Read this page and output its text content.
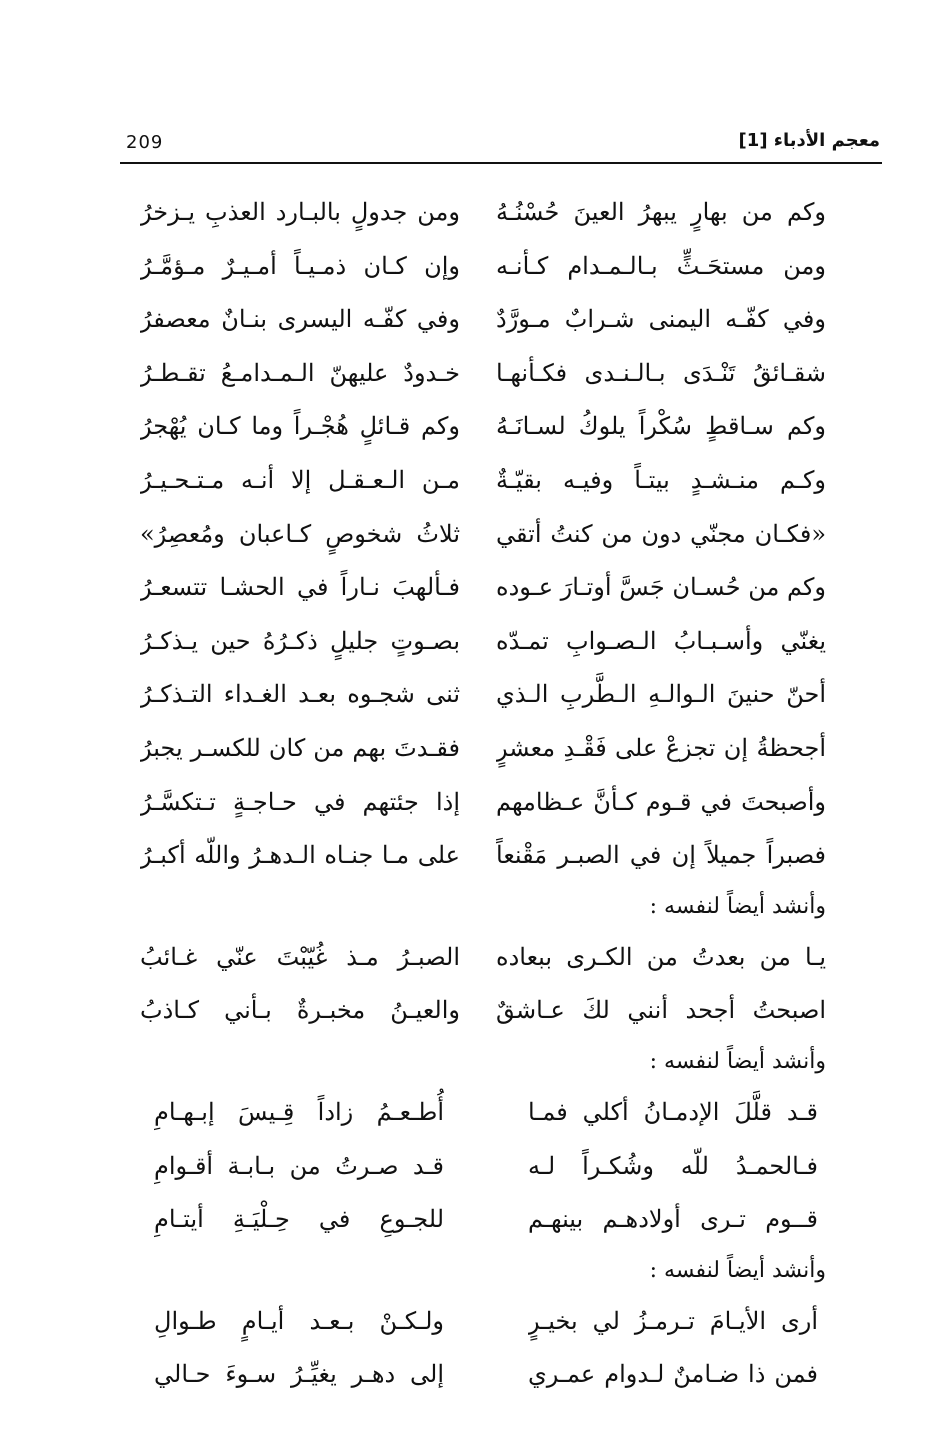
209	معجم الأدباء [1]
وكم من بهارٍ يبهرُ العينَ حُسْنُـهُ
ومن جدولٍ بالبـارد العذبِ يـزخرُ
ومن مستحَـثٍّ بـالـمـدام كـأنـه
وإن كـان ذمـيـاً أمـيـرٌ مـؤمَّـرُ
وفي كفّـه اليمنى شـرابٌ مـورَّدٌ
وفي كفّـه اليسرى بنـانٌ معصفرُ
شقـائقُ تَنْـدَى بـالـنـدى فكـأنهـا
خـدودٌ عليهنّ الـمـدامـعُ تقـطـرُ
وكم سـاقطٍ سُكْراً يلوكُ لسـانَـهُ
وكم قـائلٍ هُجْـراً وما كـان يُهْجرُ
وكـم منـشـدٍ بيتـاً وفيـه بقيّـةٌ
مـن الـعـقـل إلا أنـه مـتـحـيـرُ
«فكـان مجنّي دون من كنتُ أتقي
ثلاثُ شخوصٍ كـاعبان ومُعصِرُ»
وكم من حُسـان جَسَّ أوتـارَ عـوده
فـألهبَ نـاراً في الحشـا تتسعـرُ
يغنّي وأسـبـابُ الـصـوابِ تمـدّه
بصـوتٍ جليلٍ ذكـرُهُ حين يـذكـرُ
أحنّ حنينَ الـوالـهِ الـطَّربِ الـذي
ثنى شجـوه بعـد الغـداء التـذكـرُ
أجحظةُ إن تجزعْ على فَقْـدِ معشرٍ
فقـدتَ بهم من كان للكسـر يجبرُ
وأصبحتَ في قـوم كـأنَّ عـظامهم
إذا جئتهم في حـاجـةٍ تـتكسَّـرُ
فصبراً جميلاً إن في الصبـر مَقْنعاً
على مـا جنـاه الـدهـرُ واللّه أكبـرُ
وأنشد أيضاً لنفسه :
يـا من بعدتُ من الكـرى ببعاده
الصبـرُ مـذ غُيّبْتَ عنّي غـائبُ
اصبحتُ أجحد أنني لكَ عـاشقٌ
والعيـنُ مخبـرةٌ بـأني كـاذبُ
وأنشد أيضاً لنفسه :
قـد قلَّلَ الإدمـانُ أكلي فمـا
أُطـعـمُ زاداً قِـيسَ إبـهـامِ
فـالحمـدُ للّه وشُكـراً لـه
قـد صـرتُ من بـابـة أقـوامِ
قــوم تـرى أولادهـم بينهـم
للجـوعِ في حِـلْيَـةِ أيتـامِ
وأنشد أيضاً لنفسه :
أرى الأيـامَ تـرمـزُ لي بخيـرٍ
ولـكـنْ بـعـد أيـامٍ طـوالِ
فمن ذا ضـامنٌ لـدوام عمـري
إلى دهـر يغيِّـرُ سـوءَ حـالي
